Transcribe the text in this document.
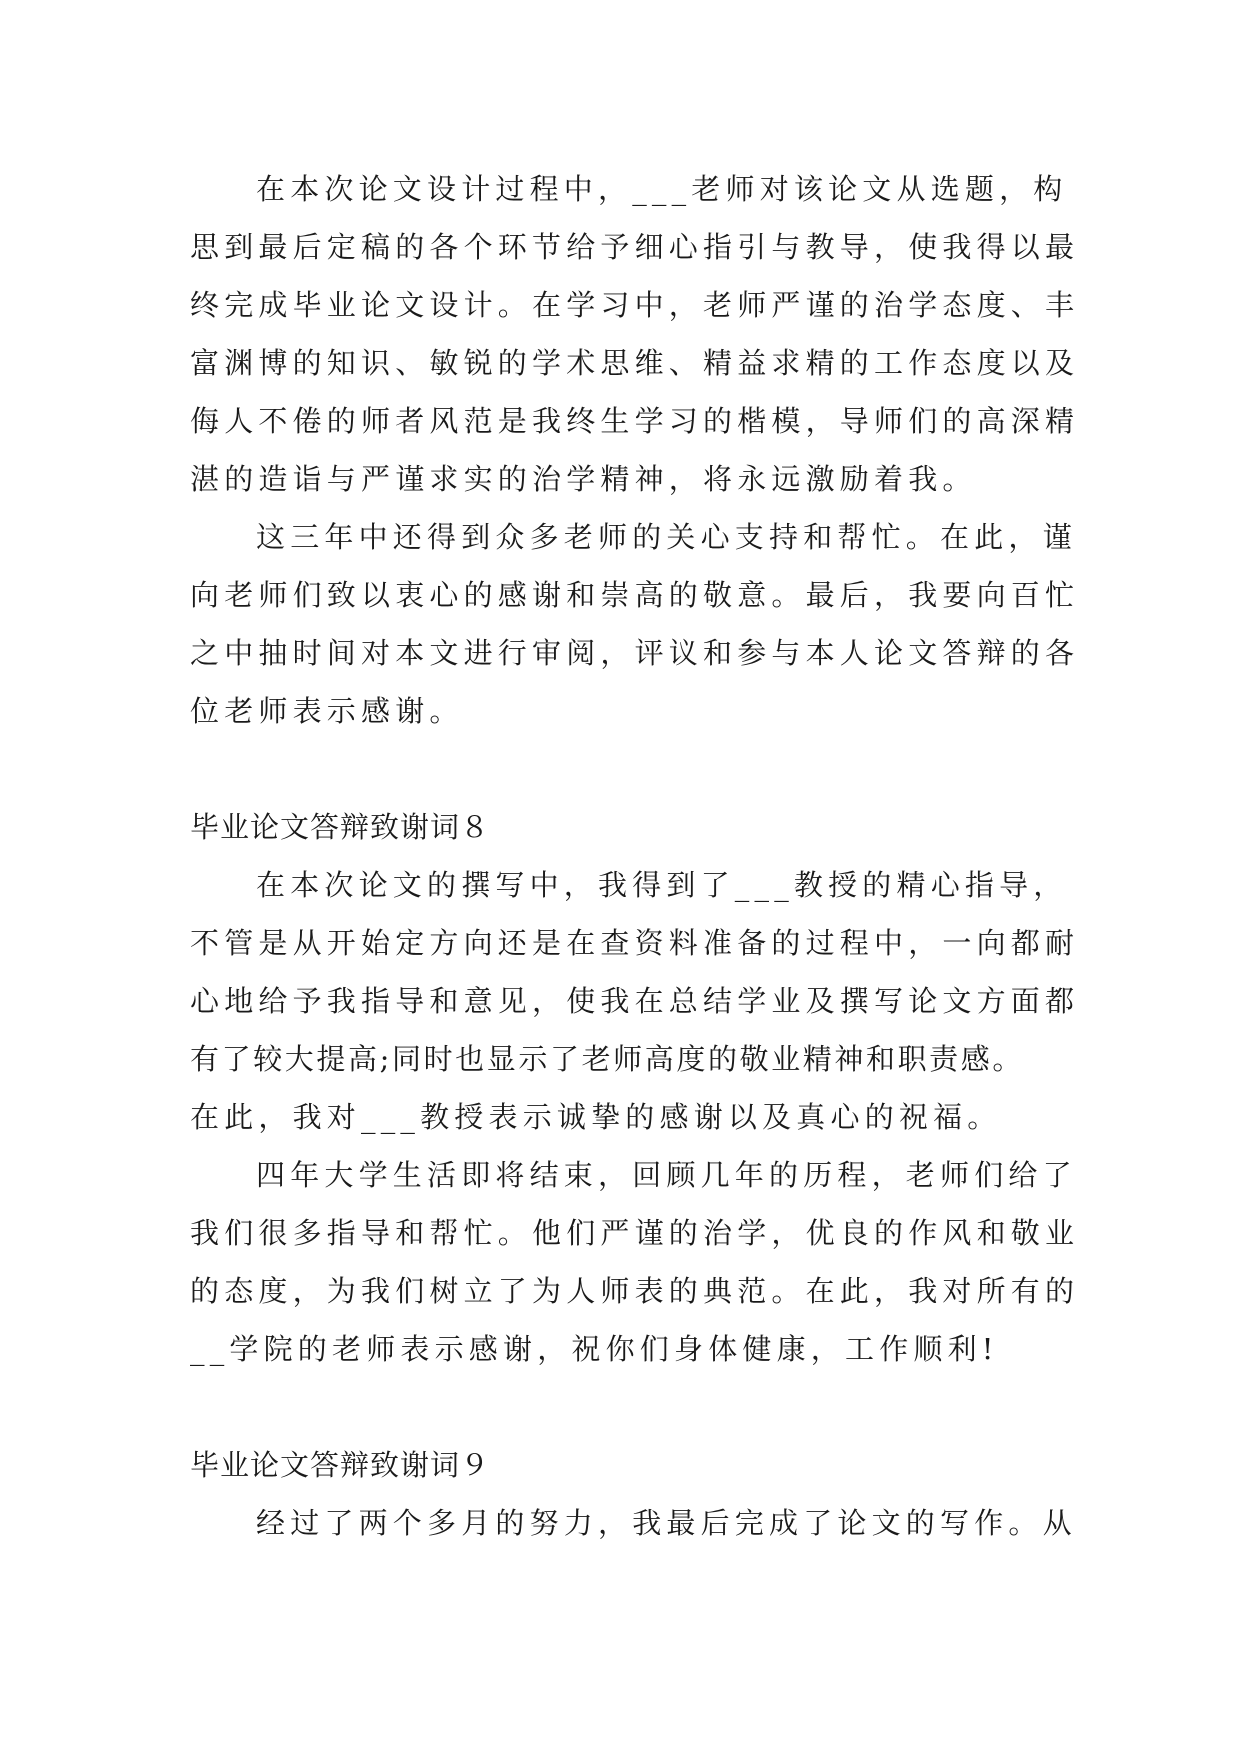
在本次论文设计过程中，___老师对该论文从选题，构
思到最后定稿的各个环节给予细心指引与教导，使我得以最
终完成毕业论文设计。在学习中，老师严谨的治学态度、丰
富渊博的知识、敏锐的学术思维、精益求精的工作态度以及
侮人不倦的师者风范是我终生学习的楷模，导师们的高深精
湛的造诣与严谨求实的治学精神，将永远激励着我。
这三年中还得到众多老师的关心支持和帮忙。在此，谨
向老师们致以衷心的感谢和崇高的敬意。最后，我要向百忙
之中抽时间对本文进行审阅，评议和参与本人论文答辩的各
位老师表示感谢。
毕业论文答辩致谢词８
在本次论文的撰写中，我得到了___教授的精心指导，
不管是从开始定方向还是在查资料准备的过程中，一向都耐
心地给予我指导和意见，使我在总结学业及撰写论文方面都
有了较大提高;同时也显示了老师高度的敬业精神和职责感。
在此，我对___教授表示诚挚的感谢以及真心的祝福。
四年大学生活即将结束，回顾几年的历程，老师们给了
我们很多指导和帮忙。他们严谨的治学，优良的作风和敬业
的态度，为我们树立了为人师表的典范。在此，我对所有的
__学院的老师表示感谢，祝你们身体健康，工作顺利!
毕业论文答辩致谢词９
经过了两个多月的努力，我最后完成了论文的写作。从
